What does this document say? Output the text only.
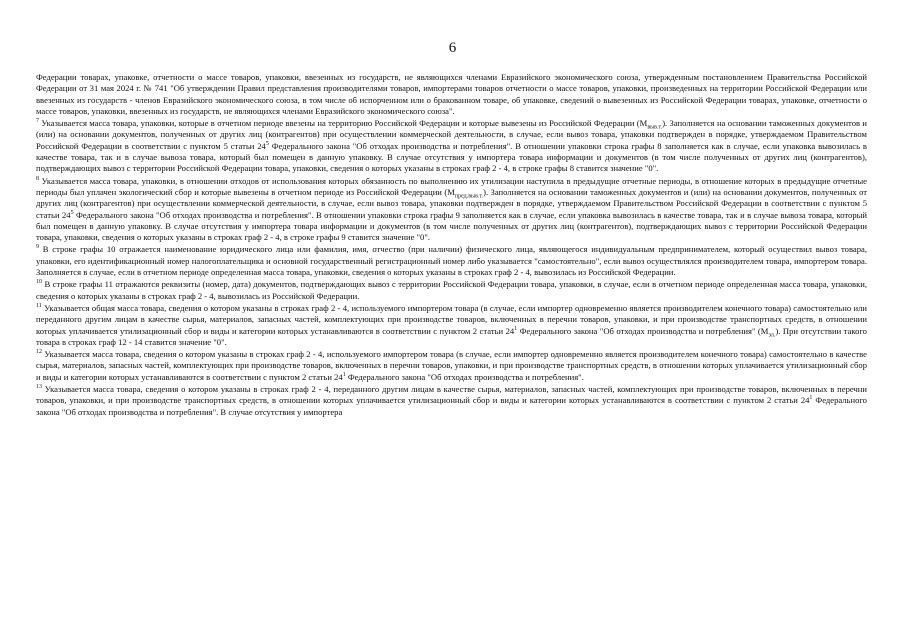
6

Федерации товарах, упаковке, отчетности о массе товаров, упаковки, ввезенных из государств, не являющихся членами Евразийского экономического союза, утвержденным постановлением Правительства Российской Федерации от 31 мая 2024 г. № 741 "Об утверждении Правил представления производителями товаров, импортерами товаров отчетности о массе товаров, упаковки, произведенных на территории Российской Федерации или ввезенных из государств - членов Евразийского экономического союза, в том числе об испорченном или о бракованном товаре, об упаковке, сведений о вывезенных из Российской Федерации товарах, упаковке, отчетности о массе товаров, упаковки, ввезенных из государств, не являющихся членами Евразийского экономического союза".

$^7$ Указывается масса товара, упаковки, которые в отчетном периоде ввезены на территорию Российской Федерации и которые вывезены из Российской Федерации $(M_{выв.т.})$. Заполняется на основании таможенных документов и (или) на основании документов, полученных от других лиц (контрагентов) при осуществлении коммерческой деятельности, в случае, если вывоз товара, упаковки подтвержден в порядке, утверждаемом Правительством Российской Федерации в соответствии с пунктом 5 статьи $24^5$ Федерального закона "Об отходах производства и потребления". В отношении упаковки строка графы 8 заполняется как в случае, если упаковка вывозилась в качестве товара, так и в случае вывоза товара, который был помещен в данную упаковку. В случае отсутствия у импортера товара информации и документов (в том числе полученных от других лиц (контрагентов), подтверждающих вывоз с территории Российской Федерации товара, упаковки, сведения о которых указаны в строках граф 2 - 4, в строке графы 8 ставится значение "0".

$^8$ Указывается масса товара, упаковки, в отношении отходов от использования которых обязанность по выполнению их утилизации наступила в предыдущие отчетные периоды, в отношение которых в предыдущие отчетные периоды был уплачен экологический сбор и которые вывезены в отчетном периоде из Российской Федерации $(M_{пред.выв.т.})$. Заполняется на основании таможенных документов и (или) на основании документов, полученных от других лиц (контрагентов) при осуществлении коммерческой деятельности, в случае, если вывоз товара, упаковки подтвержден в порядке, утверждаемом Правительством Российской Федерации в соответствии с пунктом 5 статьи $24^5$ Федерального закона "Об отходах производства и потребления". В отношении упаковки строка графы 9 заполняется как в случае, если упаковка вывозилась в качестве товара, так и в случае вывоза товара, который был помещен в данную упаковку. В случае отсутствия у импортера товара информации и документов (в том числе полученных от других лиц (контрагентов), подтверждающих вывоз с территории Российской Федерации товара, упаковки, сведения о которых указаны в строках граф 2 - 4, в строке графы 9 ставится значение "0".

$^9$ В строке графы 10 отражается наименование юридического лица или фамилия, имя, отчество (при наличии) физического лица, являющегося индивидуальным предпринимателем, который осуществил вывоз товара, упаковки, его идентификационный номер налогоплательщика и основной государственный регистрационный номер либо указывается "самостоятельно", если вывоз осуществлялся производителем товара, импортером товара. Заполняется в случае, если в отчетном периоде определенная масса товара, упаковки, сведения о которых указаны в строках граф 2 - 4, вывозилась из Российской Федерации.

$^{10}$ В строке графы 11 отражаются реквизиты (номер, дата) документов, подтверждающих вывоз с территории Российской Федерации товара, упаковки, в случае, если в отчетном периоде определенная масса товара, упаковки, сведения о которых указаны в строках граф 2 - 4, вывозилась из Российской Федерации.

$^{11}$ Указывается общая масса товара, сведения о котором указаны в строках граф 2 - 4, используемого импортером товара (в случае, если импортер одновременно является производителем конечного товара) самостоятельно или переданного другим лицам в качестве сырья, материалов, запасных частей, комплектующих при производстве товаров, включенных в перечни товаров, упаковки, и при производстве транспортных средств, в отношении которых уплачивается утилизационный сбор и виды и категории которых устанавливаются в соответствии с пунктом 2 статьи $24^1$ Федерального закона "Об отходах производства и потребления" $(M_{эл.})$. При отсутствии такого товара в строках граф 12 - 14 ставится значение "0".

$^{12}$ Указывается масса товара, сведения о котором указаны в строках граф 2 - 4, используемого импортером товара (в случае, если импортер одновременно является производителем конечного товара) самостоятельно в качестве сырья, материалов, запасных частей, комплектующих при производстве товаров, включенных в перечни товаров, упаковки, и при производстве транспортных средств, в отношении которых уплачивается утилизационный сбор и виды и категории которых устанавливаются в соответствии с пунктом 2 статьи $24^1$ Федерального закона "Об отходах производства и потребления".

$^{13}$ Указывается масса товара, сведения о котором указаны в строках граф 2 - 4, переданного другим лицам в качестве сырья, материалов, запасных частей, комплектующих при производстве товаров, включенных в перечни товаров, упаковки, и при производстве транспортных средств, в отношении которых уплачивается утилизационный сбор и виды и категории которых устанавливаются в соответствии с пунктом 2 статьи $24^1$ Федерального закона "Об отходах производства и потребления". В случае отсутствия у импортера
